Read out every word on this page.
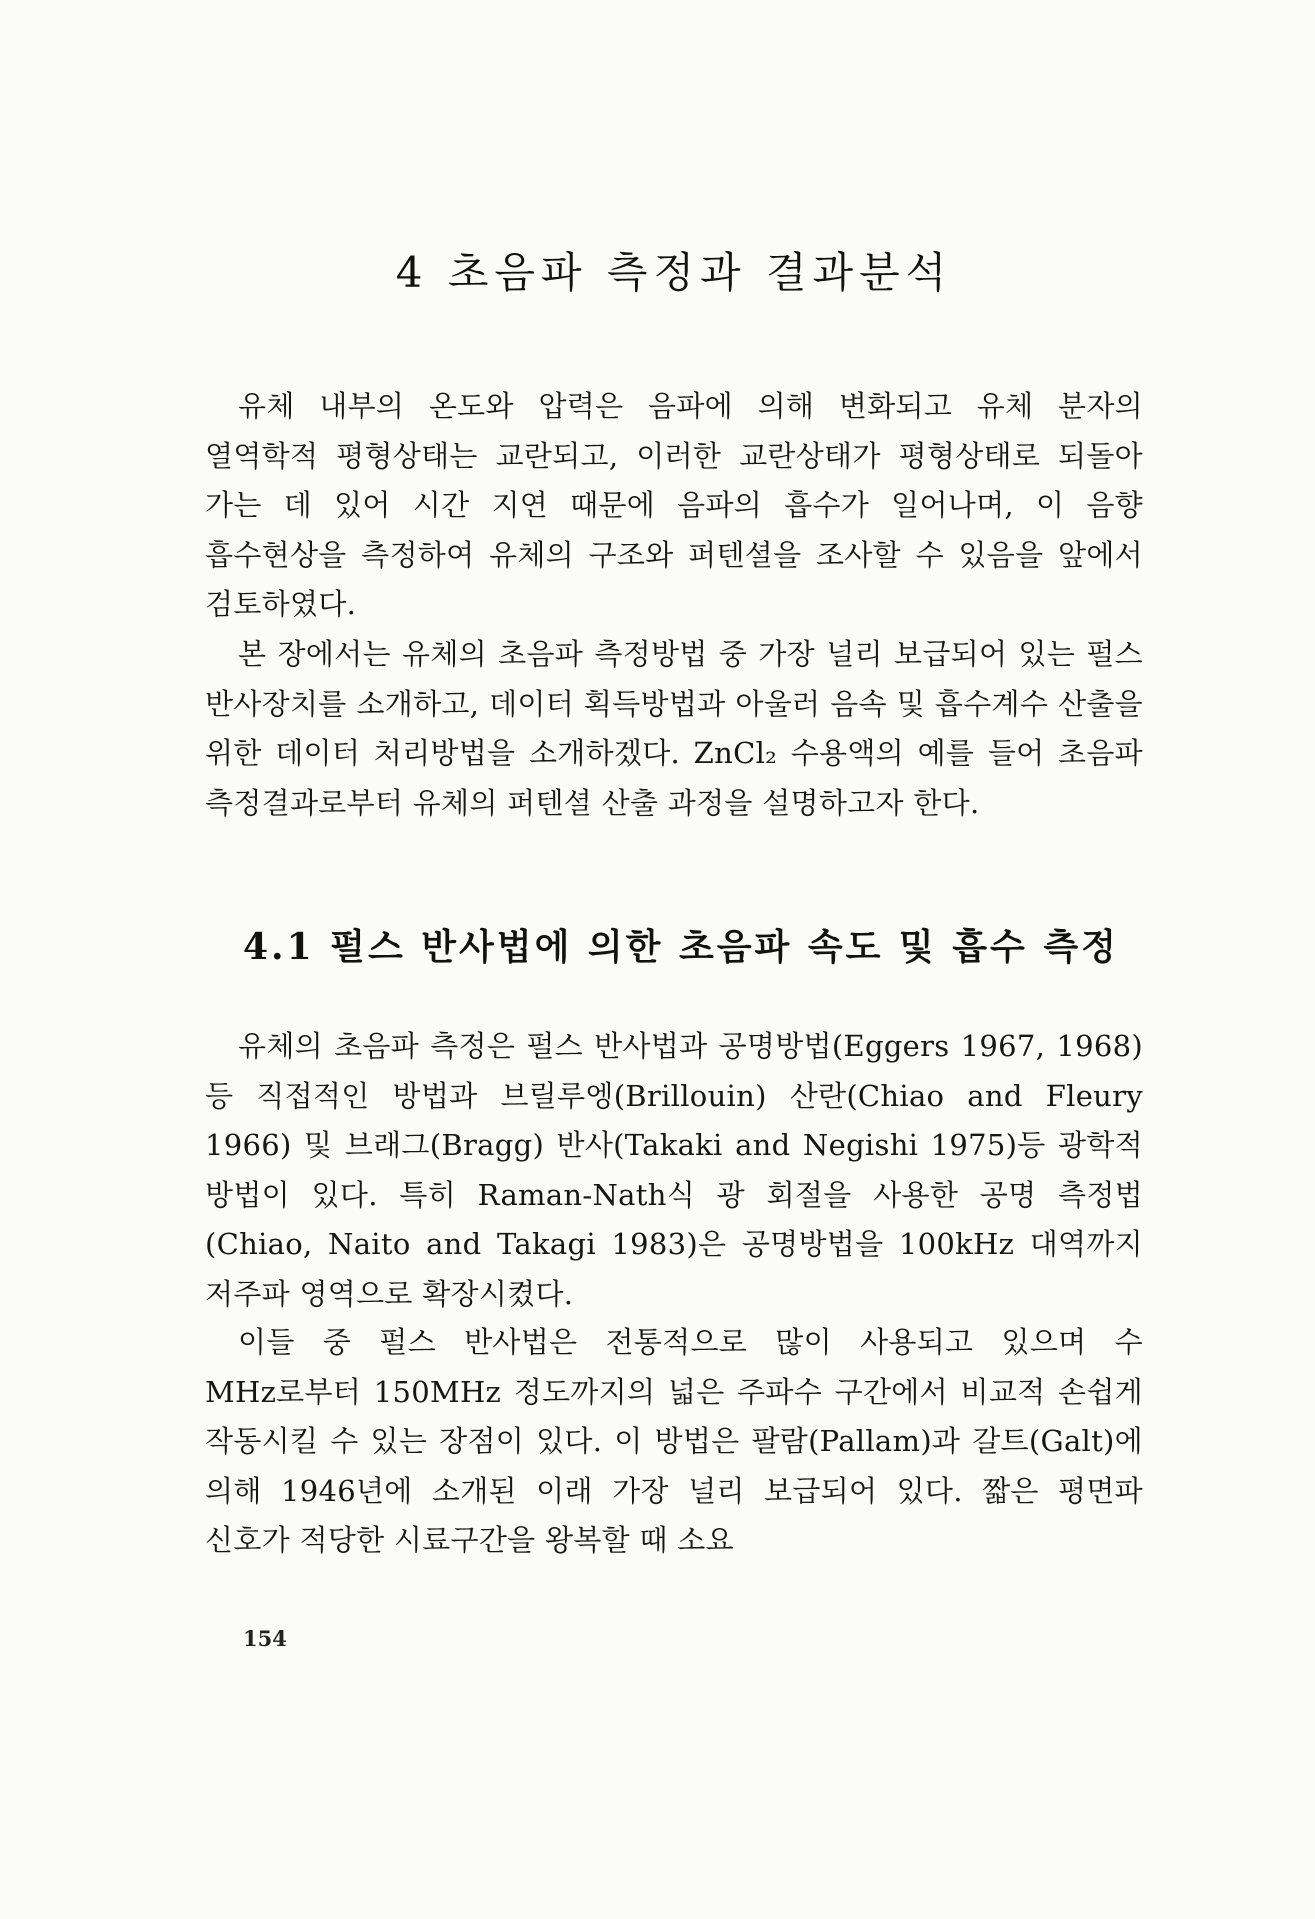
4 초음파 측정과 결과분석

유체 내부의 온도와 압력은 음파에 의해 변화되고 유체 분자의 열역학적 평형상태는 교란되고, 이러한 교란상태가 평형상태로 되돌아 가는 데 있어 시간 지연 때문에 음파의 흡수가 일어나며, 이 음향 흡수현상을 측정하여 유체의 구조와 퍼텐셜을 조사할 수 있음을 앞에서 검토하였다.

본 장에서는 유체의 초음파 측정방법 중 가장 널리 보급되어 있는 펄스 반사장치를 소개하고, 데이터 획득방법과 아울러 음속 및 흡수계수 산출을 위한 데이터 처리방법을 소개하겠다. ZnCl₂ 수용액의 예를 들어 초음파 측정결과로부터 유체의 퍼텐셜 산출 과정을 설명하고자 한다.

4.1 펄스 반사법에 의한 초음파 속도 및 흡수 측정

유체의 초음파 측정은 펄스 반사법과 공명방법(Eggers 1967, 1968)등 직접적인 방법과 브릴루엥(Brillouin) 산란(Chiao and Fleury 1966) 및 브래그(Bragg) 반사(Takaki and Negishi 1975)등 광학적 방법이 있다. 특히 Raman-Nath식 광 회절을 사용한 공명 측정법(Chiao, Naito and Takagi 1983)은 공명방법을 100kHz 대역까지 저주파 영역으로 확장시켰다.

이들 중 펄스 반사법은 전통적으로 많이 사용되고 있으며 수 MHz로부터 150MHz 정도까지의 넓은 주파수 구간에서 비교적 손쉽게 작동시킬 수 있는 장점이 있다. 이 방법은 팔람(Pallam)과 갈트(Galt)에 의해 1946년에 소개된 이래 가장 널리 보급되어 있다. 짧은 평면파 신호가 적당한 시료구간을 왕복할 때 소요

154
